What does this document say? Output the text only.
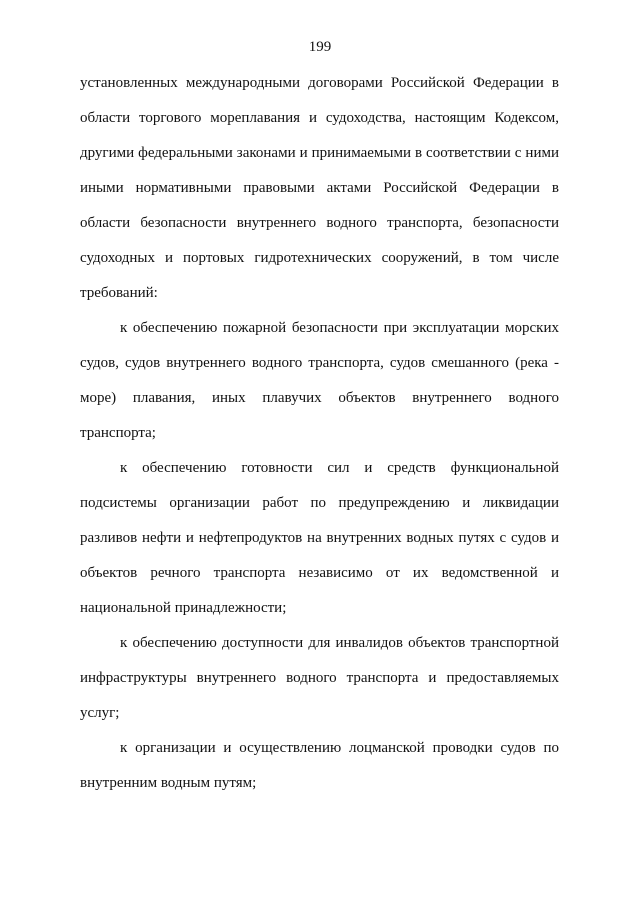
199

установленных международными договорами Российской Федерации в области торгового мореплавания и судоходства, настоящим Кодексом, другими федеральными законами и принимаемыми в соответствии с ними иными нормативными правовыми актами Российской Федерации в области безопасности внутреннего водного транспорта, безопасности судоходных и портовых гидротехнических сооружений, в том числе требований:

к обеспечению пожарной безопасности при эксплуатации морских судов, судов внутреннего водного транспорта, судов смешанного (река - море) плавания, иных плавучих объектов внутреннего водного транспорта;

к обеспечению готовности сил и средств функциональной подсистемы организации работ по предупреждению и ликвидации разливов нефти и нефтепродуктов на внутренних водных путях с судов и объектов речного транспорта независимо от их ведомственной и национальной принадлежности;

к обеспечению доступности для инвалидов объектов транспортной инфраструктуры внутреннего водного транспорта и предоставляемых услуг;

к организации и осуществлению лоцманской проводки судов по внутренним водным путям;
